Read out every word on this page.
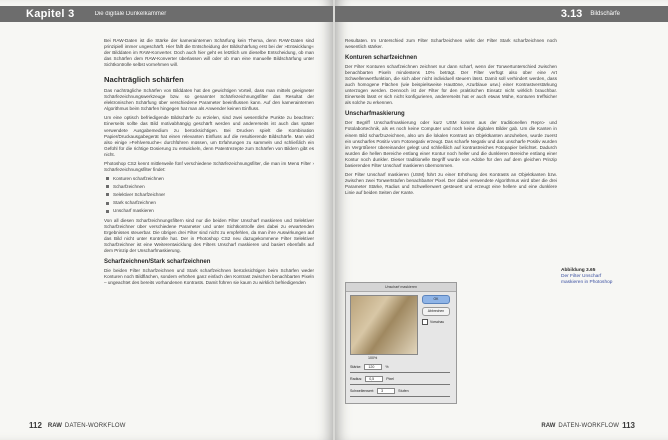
Kapitel 3	Die digitale Dunkelkammer

Bei RAW-Daten ist die Stärke der kamerainternen Schärfung kein Thema, denn RAW-Daten sind prinzipiell immer ungeschärft. Hier fällt die Entscheidung der Bildschärfung erst bei der »Entwicklung« der Bilddaten im RAW-Konverter. Doch auch hier geht es letztlich um dieselbe Entscheidung, ob man das Schärfen dem RAW-Konverter überlassen will oder ob man eine manuelle Bildschärfung unter Sichtkontrolle selbst vornehmen will.

Nachträglich schärfen

Das nachträgliche Schärfen von Bilddaten hat den gewichtigen Vorteil, dass man mittels geeigneter Schärfezeichnungswerkzeuge bzw. so genannter Schärfezeichnungsfilter das Resultat der elektronischen Schärfung über verschiedene Parameter beeinflussen kann. Auf den kamerainternen Algorithmus beim Schärfen hingegen hat man als Anwender keinen Einfluss.

Um eine optisch befriedigende Bildschärfe zu erzielen, sind zwei wesentliche Punkte zu beachten: Einerseits sollte das Bild motivabhängig geschärft werden und andererseits ist auch das später verwendete Ausgabemedium zu berücksichtigen. Bei Drucken spielt die Kombination Papier/Druckausgabegerät hat einen relevanten Einfluss auf die resultierende Bildschärfe. Man wird also einige »Fehlversuche« durchführen müssen, um Erfahrungen zu sammeln und schließlich ein Gefühl für die richtige Dosierung zu entwickeln, denn Patentrezepte zum Schärfen von Bildern gibt es nicht.

Photoshop CS2 kennt mittlerweile fünf verschiedene Schärfezeichnungsfilter, die man im Menü Filter › Schärfezeichnungsfilter findet:

Konturen scharfzeichnen
Scharfzeichnen
Selektiver Scharfzeichner
Stark scharfzeichnen
Unscharf maskieren

Von all diesen Scharfzeichnungsfiltern sind nur die beiden Filter Unscharf maskieren und Selektiver Scharfzeichner über verschiedene Parameter und unter Sichtkontrolle des dabei zu erwartenden Ergebnisses steuerbar. Die übrigen drei Filter sind nicht zu empfehlen, da man ihre Auswirkungen auf das Bild nicht unter Kontrolle hat. Der in Photoshop CS2 neu dazugekommene Filter Selektiver Scharfzeichner ist eine Weiterentwicklung des Filters Unscharf maskieren und basiert ebenfalls auf dem Prinzip der Unscharfmaskierung.

Scharfzeichnen/Stark scharfzeichnen

Die beiden Filter Scharfzeichnen und Stark scharfzeichnen berücksichtigen beim Schärfen weder Konturen noch Bildflächen, sondern erhöhen ganz einfach den Kontrast zwischen benachbarten Pixeln – ungeachtet des bereits vorhandenen Kontrasts. Damit führen sie kaum zu wirklich befriedigenden

112 RAW DATEN-WORKFLOW
3.13 Bildschärfe

Resultaten. Im Unterschied zum Filter Scharfzeichnen wirkt der Filter Stark scharfzeichnen noch wesentlich stärker.

Konturen scharfzeichnen

Der Filter Konturen scharfzeichnen zeichnet nur dann scharf, wenn der Tonwertunterschied zwischen benachbarten Pixeln mindestens 10% beträgt. Der Filter verfügt also über eine Art Schwellenwertfunktion, die sich aber nicht individuell steuern lässt. Damit soll verhindert werden, dass auch homogene Flächen (wie beispielsweise Hauttöne, Azurblaue usw.) einer Kontrastverstärkung unterzogen werden. Dennoch ist der Filter für den praktischen Einsatz nicht wirklich brauchbar. Einerseits lässt er sich nicht konfigurieren, andererseits hat er auch etwas Mühe, Konturen treffsicher als solche zu erkennen.

Unscharfmaskierung

Der Begriff Unscharfmaskierung oder kurz USM kommt aus der traditionellen Repro- und Fotolabortechnik, als es noch keine Computer und noch keine digitalen Bilder gab. Um die Kanten in einem Bild scharfzuzeichnen, also um die lokalen Kontrast an Objektkanten anzuheben, wurde zuerst ein unscharfes Positiv vom Fotonegativ erzeugt. Das scharfe Negativ und das unscharfe Positiv wurden im Vergrößerer übereinander gelegt und schließlich auf kontrastreiches Fotopapier belichtet. Dadurch wurden die hellen Bereiche entlang einer Kontur noch heller und die dunkleren Bereiche entlang einer Kontur noch dunkler. Dieser traditionelle Begriff wurde von Adobe für den auf dem gleichen Prinzip basierenden Filter Unscharf maskieren übernommen.

Der Filter Unscharf maskieren (USM) führt zu einer Erhöhung des Kontrasts an Objektkanten bzw. zwischen zwei Tonwertstufen benachbarter Pixel. Der dabei verwendete Algorithmus wird über die drei Parameter Stärke, Radius und Schwellenwert gesteuert und erzeugt eine hellere und eine dunklere Linie auf beiden Seiten der Kante.

Unscharf maskieren
OK
Abbrechen
Vorschau
100%
Stärke:	120	%
Radius:	0,5	Pixel
Schwellenwert:	3	Stufen
Abbildung 3.65
Der Filter Unscharf maskieren in Photoshop
RAW DATEN-WORKFLOW 113
